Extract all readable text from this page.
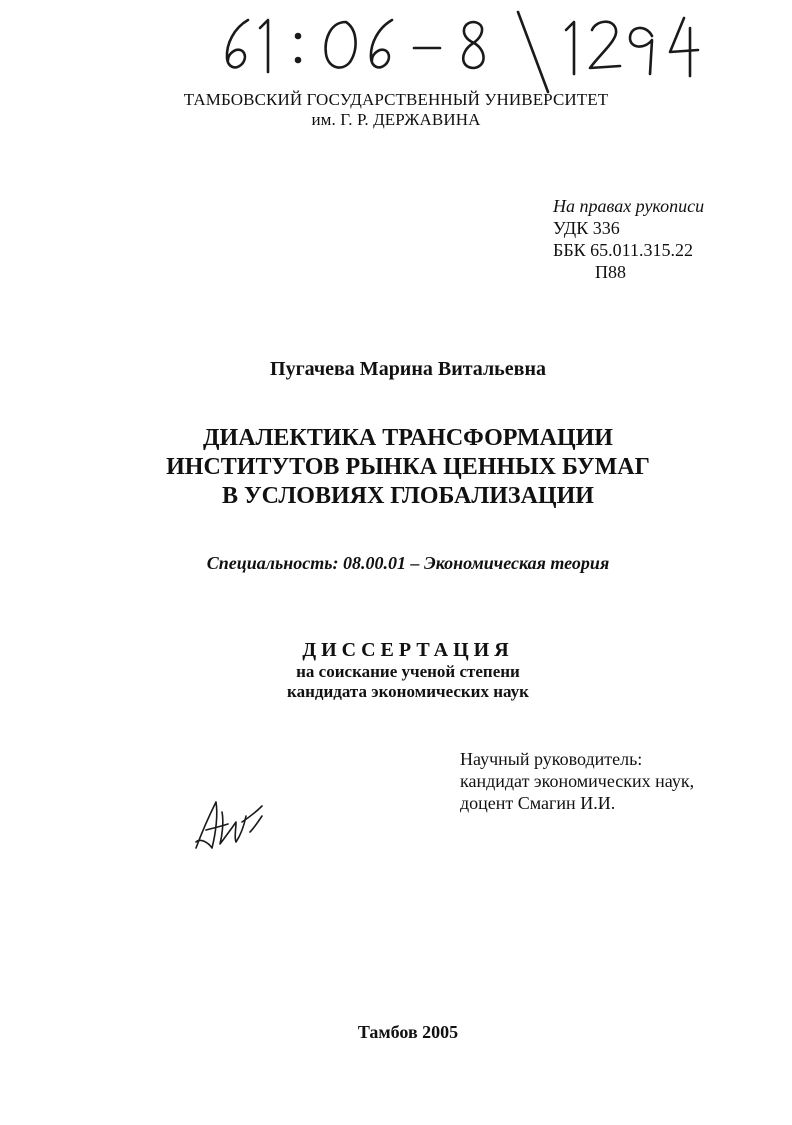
ТАМБОВСКИЙ ГОСУДАРСТВЕННЫЙ УНИВЕРСИТЕТ
им. Г. Р. ДЕРЖАВИНА
На правах рукописи
УДК 336
ББК 65.011.315.22
П88
Пугачева Марина Витальевна
ДИАЛЕКТИКА ТРАНСФОРМАЦИИ
ИНСТИТУТОВ РЫНКА ЦЕННЫХ БУМАГ
В УСЛОВИЯХ ГЛОБАЛИЗАЦИИ
Специальность: 08.00.01 – Экономическая теория
ДИССЕРТАЦИЯ
на соискание ученой степени
кандидата экономических наук
Научный руководитель:
кандидат экономических наук,
доцент Смагин И.И.
Тамбов 2005
